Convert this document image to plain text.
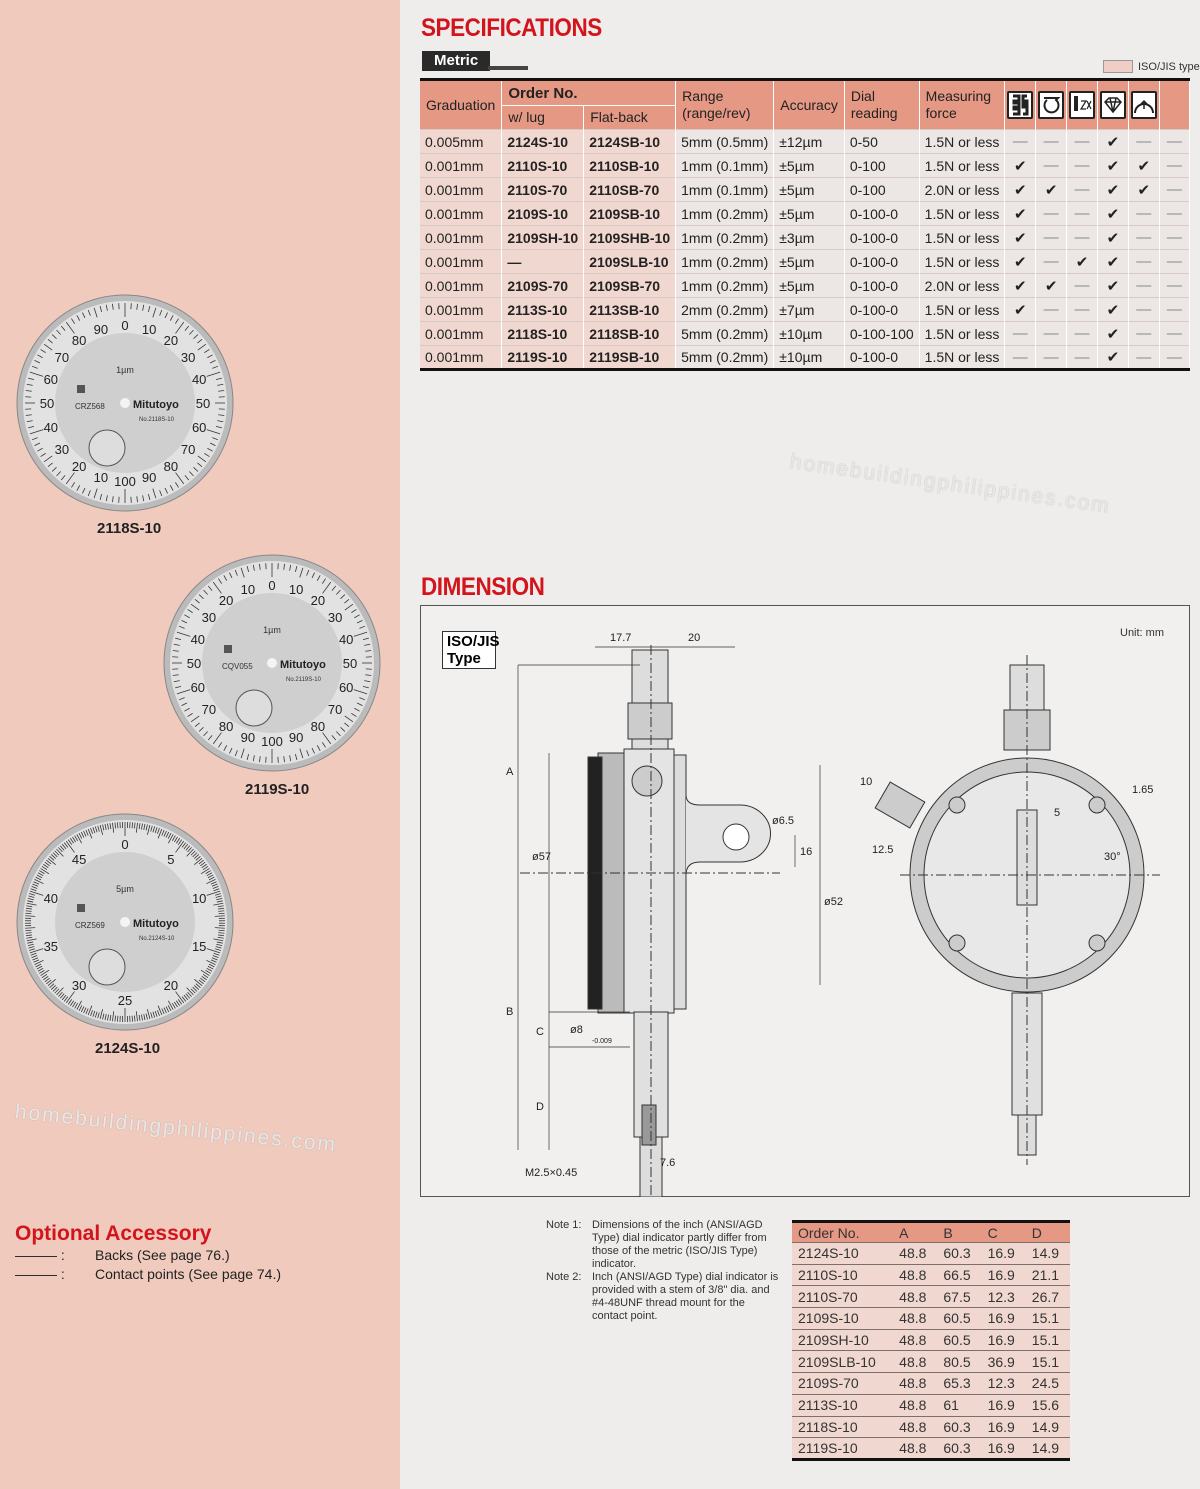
0 10
20
30
40
50
60
70
80
90
100
10
20
30
40
50
60
70
80
90
Mitutoyo
CRZ568
No.2118S-10
1µm
0 10
20
30
40
50
60
70
80
90
100
90
80
70
60
50
40
30
20
10
Mitutoyo
CQV055
No.2119S-10
1µm
0
5
10
15
20
25
30
35
40
45
Mitutoyo
CRZ569
No.2124S-10
5µm
2118S-10
2119S-10
2124S-10
Optional Accessory
——— :	Backs (See page 76.)
——— :	Contact points (See page 74.)
SPECIFICATIONS
Metric	ISO/JIS type
Graduation	Order No.		Range (range/rev)	Accuracy	Dial reading	Measuring force						
	w/ lug	Flat-back										
0.005mm	2124S-10	2124SB-10	5mm (0.5mm)	±12µm	0-50	1.5N or less	—	—	—	✔	—	—
0.001mm	2110S-10	2110SB-10	1mm (0.1mm)	±5µm	0-100	1.5N or less	✔	—	—	✔	✔	—
0.001mm	2110S-70	2110SB-70	1mm (0.1mm)	±5µm	0-100	2.0N or less	✔	✔	—	✔	✔	—
0.001mm	2109S-10	2109SB-10	1mm (0.2mm)	±5µm	0-100-0	1.5N or less	✔	—	—	✔	—	—
0.001mm	2109SH-10	2109SHB-10	1mm (0.2mm)	±3µm	0-100-0	1.5N or less	✔	—	—	✔	—	—
0.001mm	—	2109SLB-10	1mm (0.2mm)	±5µm	0-100-0	1.5N or less	✔	—	✔	✔	—	—
0.001mm	2109S-70	2109SB-70	1mm (0.2mm)	±5µm	0-100-0	2.0N or less	✔	✔	—	✔	—	—
0.001mm	2113S-10	2113SB-10	2mm (0.2mm)	±7µm	0-100-0	1.5N or less	✔	—	—	✔	—	—
0.001mm	2118S-10	2118SB-10	5mm (0.2mm)	±10µm	0-100-100	1.5N or less	—	—	—	✔	—	—
0.001mm	2119S-10	2119SB-10	5mm (0.2mm)	±10µm	0-100-0	1.5N or less	—	—	—	✔	—	—
DIMENSION
ISO/JIS Type
Unit: mm
17.7	20
A
B
C
D
ø57
ø52
ø6.5
16
ø8
-0.009
M2.5×0.45
7.6
10
12.5
5
1.65
30°
Note 1: Dimensions of the inch (ANSI/AGD Type) dial indicator partly differ from those of the metric (ISO/JIS Type) indicator.
Note 2: Inch (ANSI/AGD Type) dial indicator is provided with a stem of 3/8" dia. and #4-48UNF thread mount for the contact point.
Order No.	A	B	C	D
2124S-10	48.8	60.3	16.9	14.9
2110S-10	48.8	66.5	16.9	21.1
2110S-70	48.8	67.5	12.3	26.7
2109S-10	48.8	60.5	16.9	15.1
2109SH-10	48.8	60.5	16.9	15.1
2109SLB-10	48.8	80.5	36.9	15.1
2109S-70	48.8	65.3	12.3	24.5
2113S-10	48.8	61	16.9	15.6
2118S-10	48.8	60.3	16.9	14.9
2119S-10	48.8	60.3	16.9	14.9
homebuildingphilippines.com
homebuildingphilippines.com
